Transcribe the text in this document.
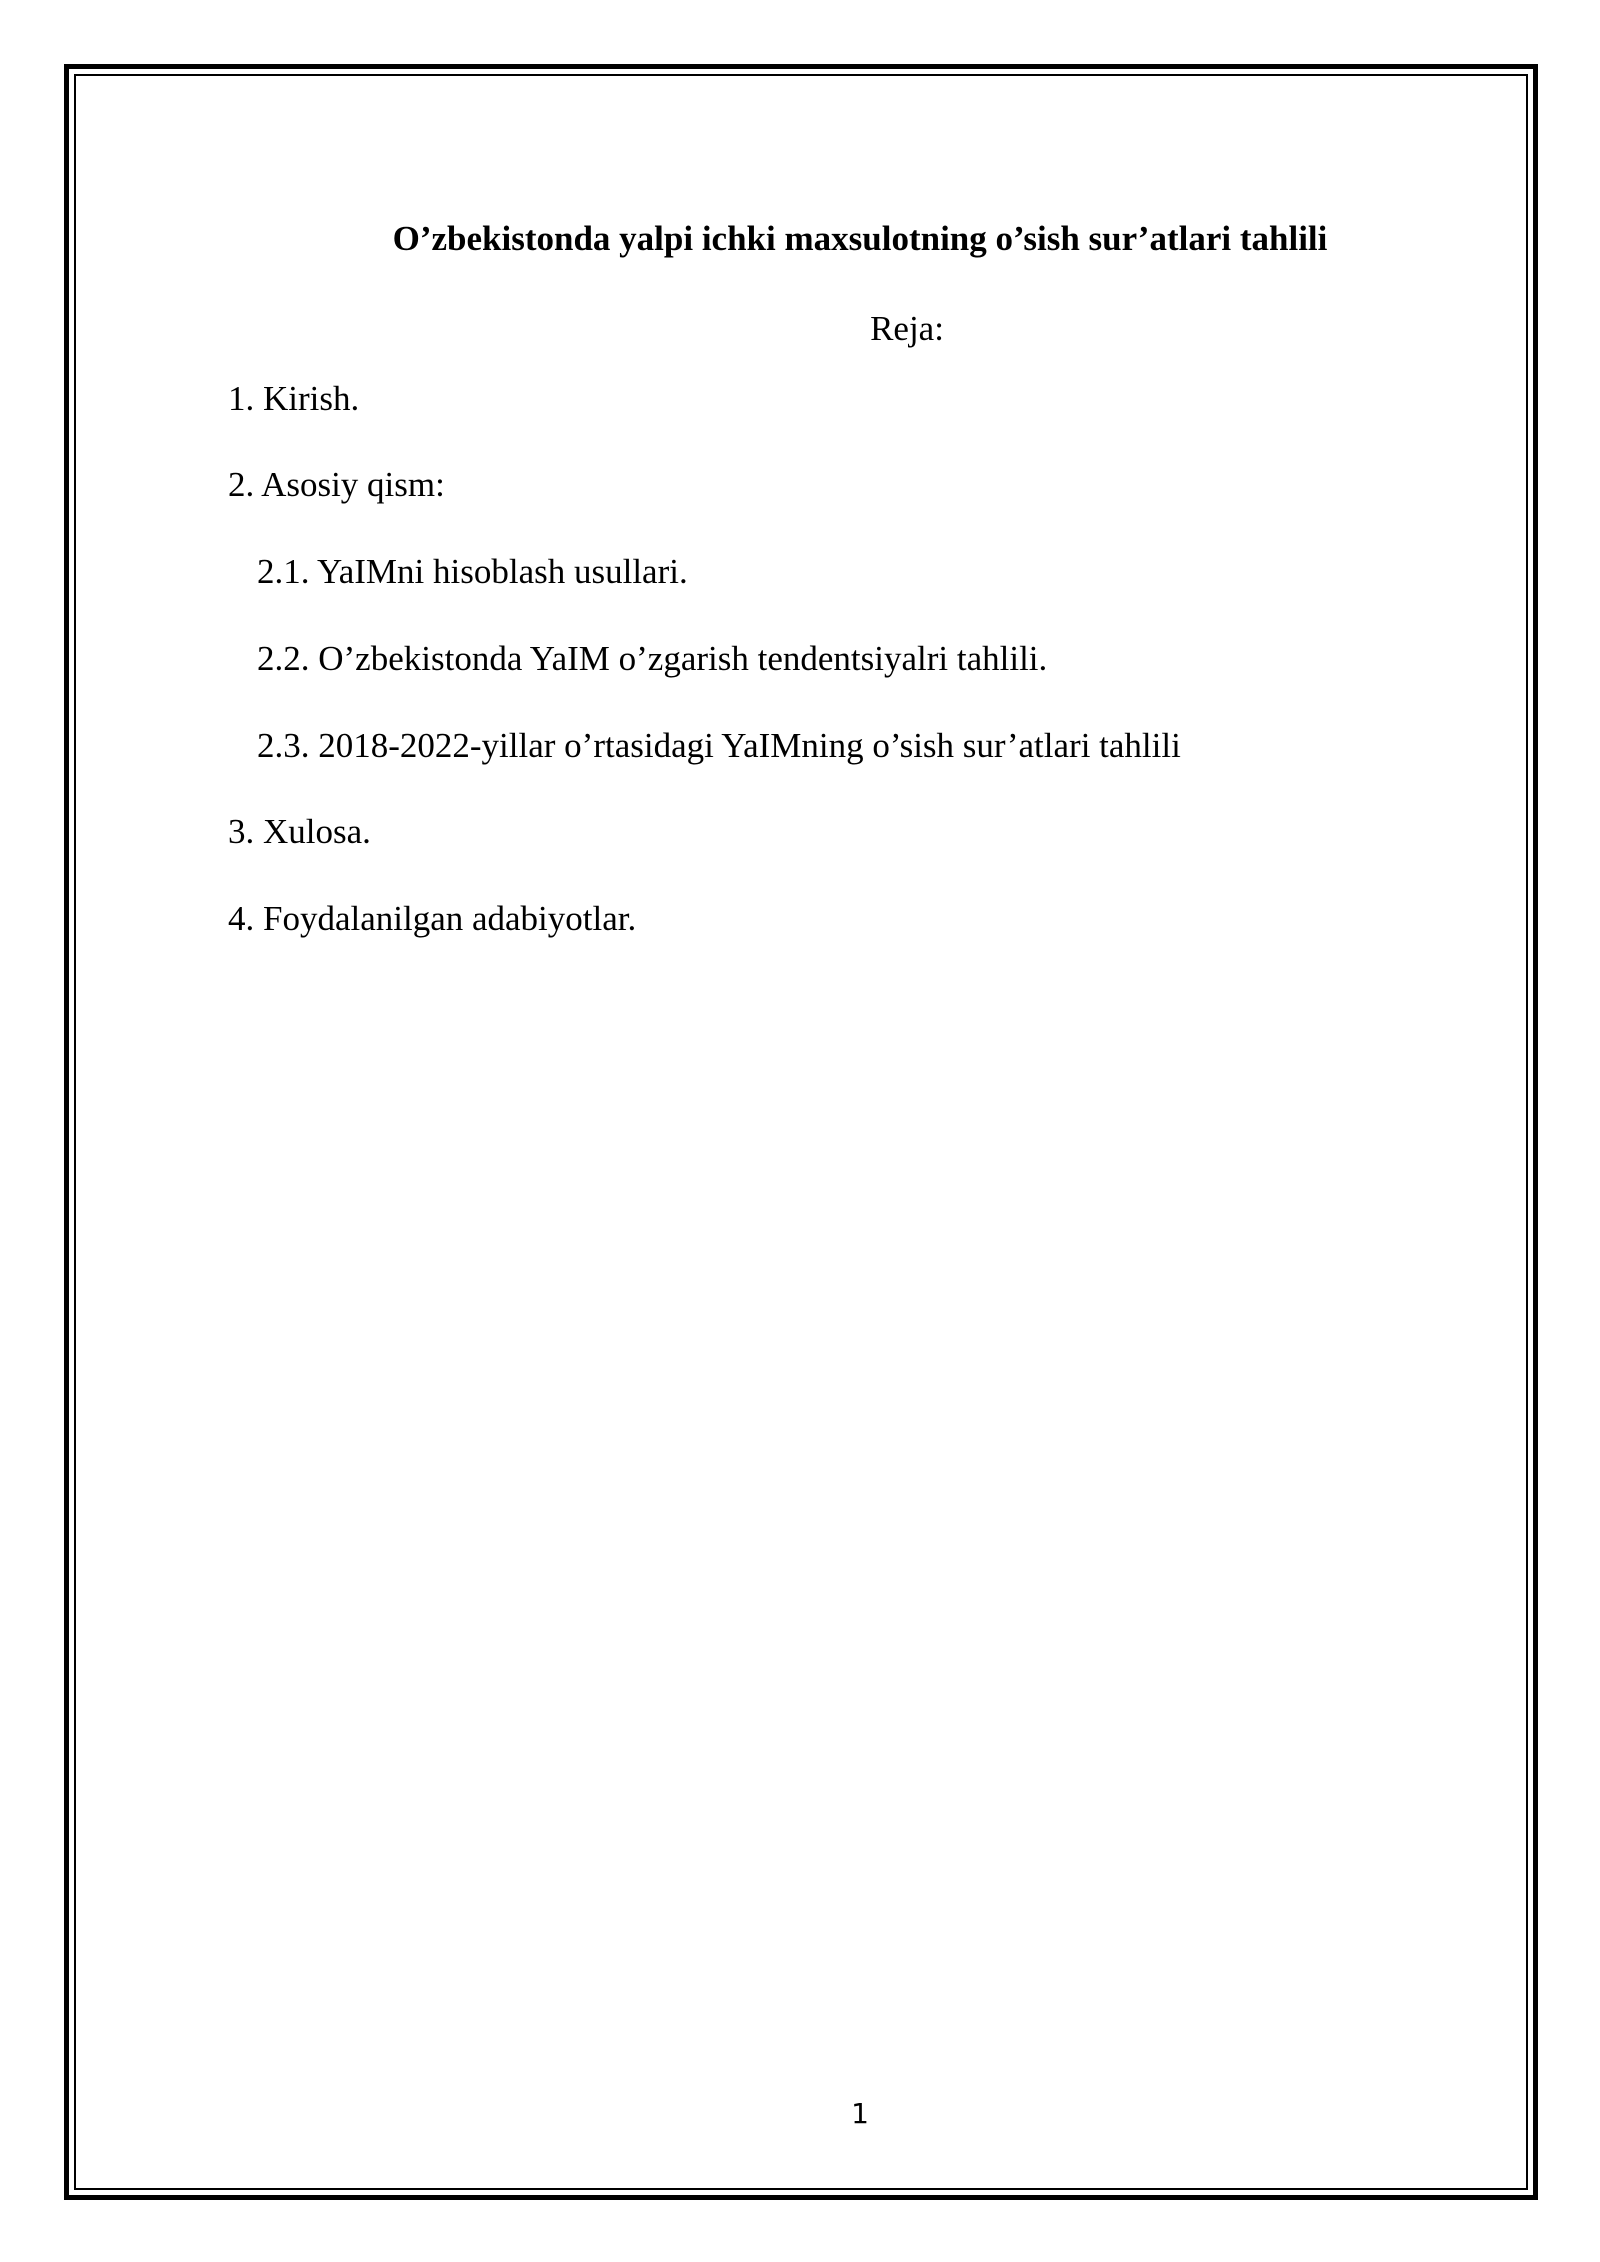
O’zbekistonda yalpi ichki maxsulotning o’sish sur’atlari tahlili

Reja:

1. Kirish.
2. Asosiy qism:
2.1. YaIMni hisoblash usullari.
2.2. O’zbekistonda YaIM o’zgarish tendentsiyalri tahlili.
2.3. 2018-2022-yillar o’rtasidagi YaIMning o’sish sur’atlari tahlili
3. Xulosa.
4. Foydalanilgan adabiyotlar.
1
